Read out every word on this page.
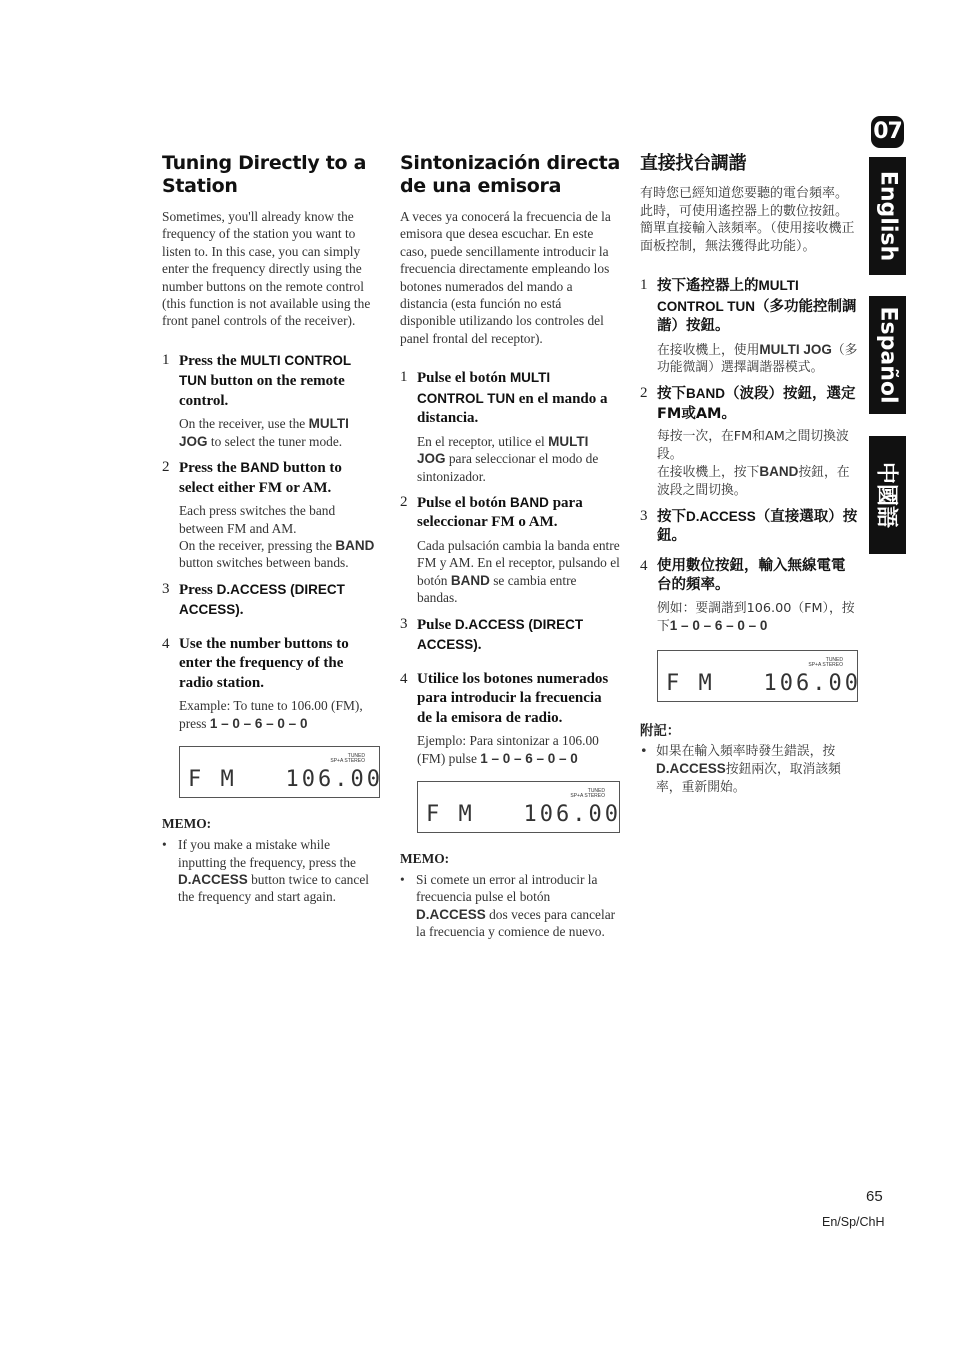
Tuning Directly to a Station

Sometimes, you'll already know the frequency of the station you want to listen to. In this case, you can simply enter the frequency directly using the number buttons on the remote control (this function is not available using the front panel controls of the receiver).

1 Press the MULTI CONTROL TUN button on the remote control.
On the receiver, use the MULTI JOG to select the tuner mode.
2 Press the BAND button to select either FM or AM.
Each press switches the band between FM and AM.
On the receiver, pressing the BAND button switches between bands.
3 Press D.ACCESS (DIRECT ACCESS).
4 Use the number buttons to enter the frequency of the radio station.
Example: To tune to 106.00 (FM), press 1 – 0 – 6 – 0 – 0
TUNED
SP+A STEREO
F M 106.00
MEMO:
• If you make a mistake while inputting the frequency, press the D.ACCESS button twice to cancel the frequency and start again.
Sintonización directa de una emisora

A veces ya conocerá la frecuencia de la emisora que desea escuchar. En este caso, puede sencillamente introducir la frecuencia directamente empleando los botones numerados del mando a distancia (esta función no está disponible utilizando los controles del panel frontal del receptor).

1 Pulse el botón MULTI CONTROL TUN en el mando a distancia.
En el receptor, utilice el MULTI JOG para seleccionar el modo de sintonizador.
2 Pulse el botón BAND para seleccionar FM o AM.
Cada pulsación cambia la banda entre FM y AM. En el receptor, pulsando el botón BAND se cambia entre bandas.
3 Pulse D.ACCESS (DIRECT ACCESS).
4 Utilice los botones numerados para introducir la frecuencia de la emisora de radio.
Ejemplo: Para sintonizar a 106.00 (FM) pulse 1 – 0 – 6 – 0 – 0
TUNED
SP+A STEREO
F M 106.00
MEMO:
• Si comete un error al introducir la frecuencia pulse el botón D.ACCESS dos veces para cancelar la frecuencia y comience de nuevo.
直接找台調諧

有時您已經知道您要聽的電台頻率。此時，可使用遙控器上的數位按鈕。簡單直接輸入該頻率。（使用接收機正面板控制，無法獲得此功能）。

1 按下遙控器上的MULTI CONTROL TUN（多功能控制調諧）按鈕。
在接收機上，使用MULTI JOG（多功能微調）選擇調諧器模式。
2 按下BAND（波段）按鈕，選定FM或AM。
每按一次，在FM和AM之間切換波段。
在接收機上，按下BAND按鈕，在波段之間切換。
3 按下D.ACCESS（直接選取）按鈕。
4 使用數位按鈕，輸入無線電電台的頻率。
例如：要調諧到106.00（FM），按下1 – 0 – 6 – 0 – 0
TUNED
SP+A STEREO
F M 106.00
附記：
• 如果在輸入頻率時發生錯誤，按D.ACCESS按鈕兩次，取消該頻率，重新開始。
07
English
Español
中國語
65
En/Sp/ChH
